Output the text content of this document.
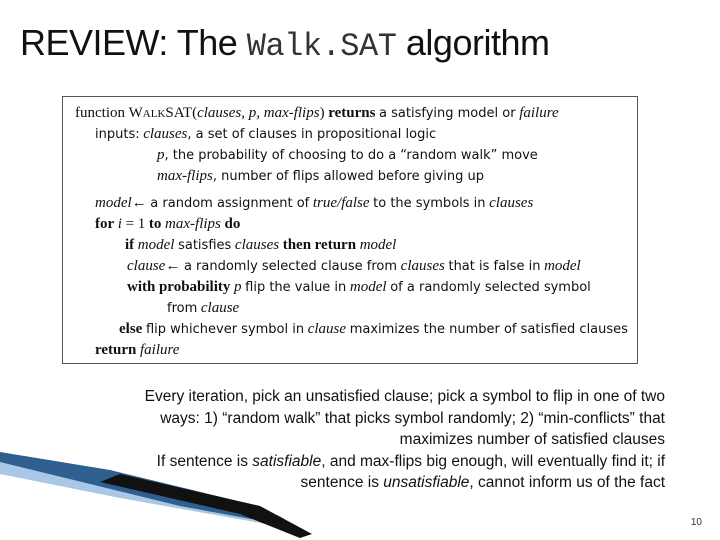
REVIEW: The Walk.SAT algorithm
function WalkSAT(clauses, p, max-flips) returns a satisfying model or failure
inputs: clauses, a set of clauses in propositional logic
p, the probability of choosing to do a “random walk” move
max-flips, number of flips allowed before giving up
model← a random assignment of true/false to the symbols in clauses
for i = 1 to max-flips do
if model satisfies clauses then return model
clause← a randomly selected clause from clauses that is false in model
with probability p flip the value in model of a randomly selected symbol
from clause
else flip whichever symbol in clause maximizes the number of satisfied clauses
return failure

Every iteration, pick an unsatisfied clause; pick a symbol to flip in one of two

ways: 1) “random walk” that picks symbol randomly; 2) “min-conflicts” that

maximizes number of satisfied clauses

If sentence is satisfiable, and max-flips big enough, will eventually find it; if

sentence is unsatisfiable, cannot inform us of the fact

10
